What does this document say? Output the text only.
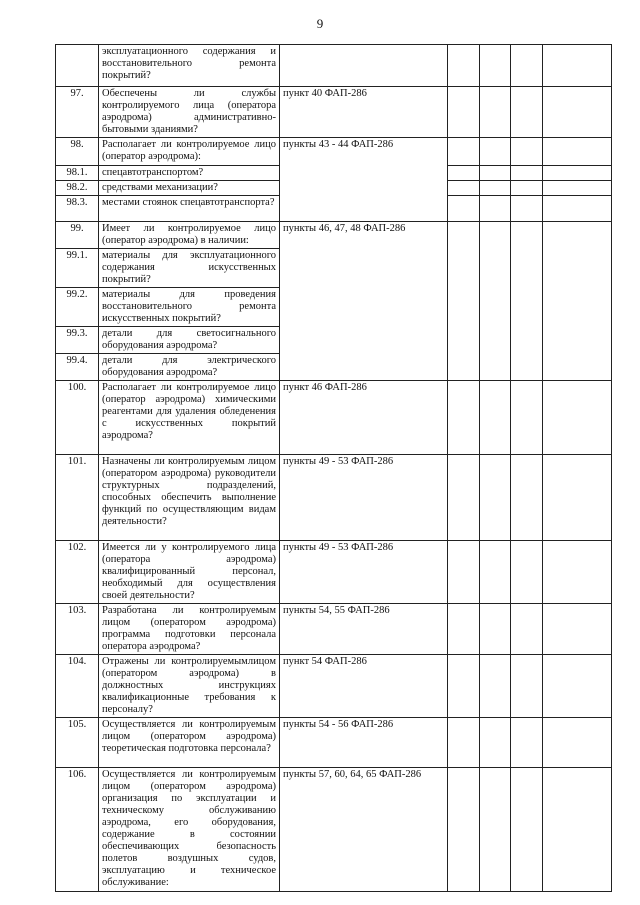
9
	эксплуатационного содержания и восстановительного ремонта покрытий?					
97.	Обеспечены ли службы контролируемого лица (оператора аэродрома) административно-бытовыми зданиями?	пункт 40 ФАП-286				
98.	Располагает ли контролируемое лицо (оператор аэродрома):	пункты 43 - 44 ФАП-286				
98.1.	спецавтотранспортом?					
98.2.	средствами механизации?					
98.3.	местами стоянок спецавтотранспорта?					
99.	Имеет ли контролируемое лицо (оператор аэродрома) в наличии:	пункты 46, 47, 48 ФАП-286				
99.1.	материалы для эксплуатационного содержания искусственных покрытий?					
99.2.	материалы для проведения восстановительного ремонта искусственных покрытий?					
99.3.	детали для светосигнального оборудования аэродрома?					
99.4.	детали для электрического оборудования аэродрома?					
100.	Располагает ли контролируемое лицо (оператор аэродрома) химическими реагентами для удаления обледенения с искусственных покрытий аэродрома?	пункт 46 ФАП-286				
101.	Назначены ли контролируемым лицом (оператором аэродрома) руководители структурных подразделений, способных обеспечить выполнение функций по осуществляющим видам деятельности?	пункты 49 - 53 ФАП-286				
102.	Имеется ли у контролируемого лица (оператора аэродрома) квалифицированный персонал, необходимый для осуществления своей деятельности?	пункты 49 - 53 ФАП-286				
103.	Разработана ли контролируемым лицом (оператором аэродрома) программа подготовки персонала оператора аэродрома?	пункты 54, 55 ФАП-286				
104.	Отражены ли контролируемымлицом (оператором аэродрома) в должностных инструкциях квалификационные требования к персоналу?	пункт 54 ФАП-286				
105.	Осуществляется ли контролируемым лицом (оператором аэродрома) теоретическая подготовка персонала?	пункты 54 - 56 ФАП-286				
106.	Осуществляется ли контролируемым лицом (оператором аэродрома) организация по эксплуатации и техническому обслуживанию аэродрома, его оборудования, содержание в состоянии обеспечивающих безопасность полетов воздушных судов, эксплуатацию и техническое обслуживание:	пункты 57, 60, 64, 65 ФАП-286				
